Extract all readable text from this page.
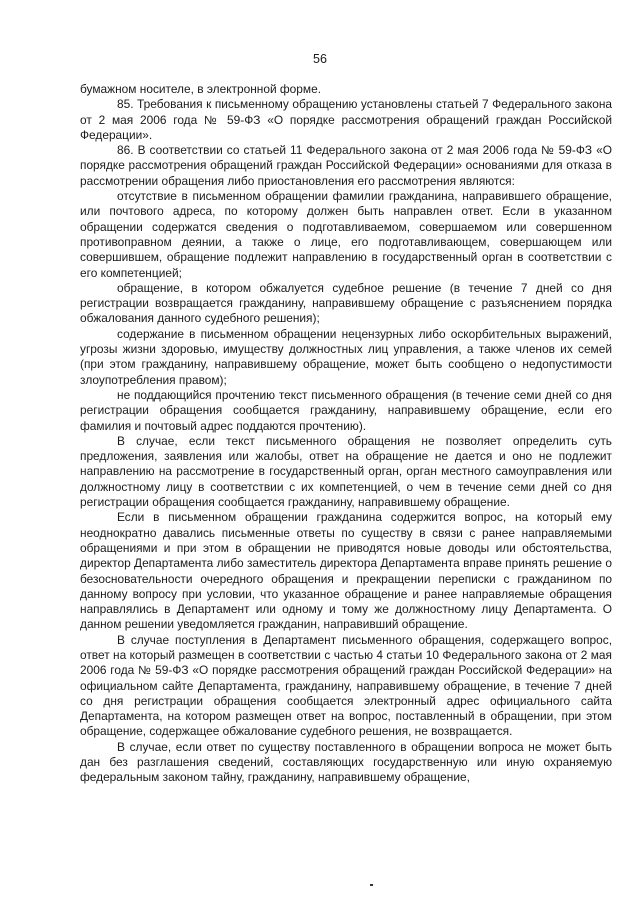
56

бумажном носителе, в электронной форме.

85. Требования к письменному обращению установлены статьей 7 Федерального закона от 2 мая 2006 года № 59-ФЗ «О порядке рассмотрения обращений граждан Российской Федерации».

86. В соответствии со статьей 11 Федерального закона от 2 мая 2006 года № 59-ФЗ «О порядке рассмотрения обращений граждан Российской Федерации» основаниями для отказа в рассмотрении обращения либо приостановления его рассмотрения являются:

отсутствие в письменном обращении фамилии гражданина, направившего обращение, или почтового адреса, по которому должен быть направлен ответ. Если в указанном обращении содержатся сведения о подготавливаемом, совершаемом или совершенном противоправном деянии, а также о лице, его подготавливающем, совершающем или совершившем, обращение подлежит направлению в государственный орган в соответствии с его компетенцией;

обращение, в котором обжалуется судебное решение (в течение 7 дней со дня регистрации возвращается гражданину, направившему обращение с разъяснением порядка обжалования данного судебного решения);

содержание в письменном обращении нецензурных либо оскорбительных выражений, угрозы жизни здоровью, имуществу должностных лиц управления, а также членов их семей (при этом гражданину, направившему обращение, может быть сообщено о недопустимости злоупотребления правом);

не поддающийся прочтению текст письменного обращения (в течение семи дней со дня регистрации обращения сообщается гражданину, направившему обращение, если его фамилия и почтовый адрес поддаются прочтению).

В случае, если текст письменного обращения не позволяет определить суть предложения, заявления или жалобы, ответ на обращение не дается и оно не подлежит направлению на рассмотрение в государственный орган, орган местного самоуправления или должностному лицу в соответствии с их компетенцией, о чем в течение семи дней со дня регистрации обращения сообщается гражданину, направившему обращение.

Если в письменном обращении гражданина содержится вопрос, на который ему неоднократно давались письменные ответы по существу в связи с ранее направляемыми обращениями и при этом в обращении не приводятся новые доводы или обстоятельства, директор Департамента либо заместитель директора Департамента вправе принять решение о безосновательности очередного обращения и прекращении переписки с гражданином по данному вопросу при условии, что указанное обращение и ранее направляемые обращения направлялись в Департамент или одному и тому же должностному лицу Департамента. О данном решении уведомляется гражданин, направивший обращение.

В случае поступления в Департамент письменного обращения, содержащего вопрос, ответ на который размещен в соответствии с частью 4 статьи 10 Федерального закона от 2 мая 2006 года № 59-ФЗ «О порядке рассмотрения обращений граждан Российской Федерации» на официальном сайте Департамента, гражданину, направившему обращение, в течение 7 дней со дня регистрации обращения сообщается электронный адрес официального сайта Департамента, на котором размещен ответ на вопрос, поставленный в обращении, при этом обращение, содержащее обжалование судебного решения, не возвращается.

В случае, если ответ по существу поставленного в обращении вопроса не может быть дан без разглашения сведений, составляющих государственную или иную охраняемую федеральным законом тайну, гражданину, направившему обращение,
